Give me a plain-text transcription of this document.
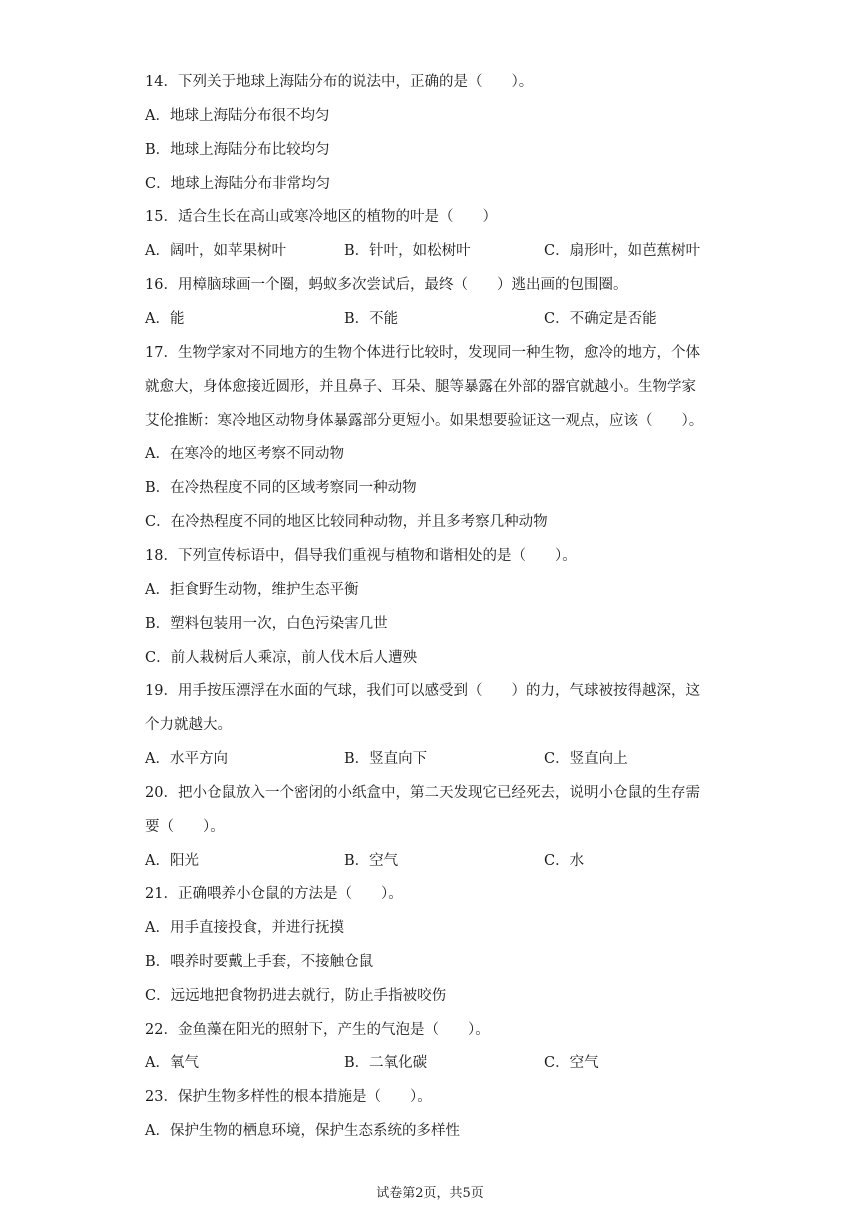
14．下列关于地球上海陆分布的说法中，正确的是（　　）。
A．地球上海陆分布很不均匀
B．地球上海陆分布比较均匀
C．地球上海陆分布非常均匀
15．适合生长在高山或寒冷地区的植物的叶是（　　）
A．阔叶，如苹果树叶	B．针叶，如松树叶	C．扇形叶，如芭蕉树叶
16．用樟脑球画一个圈，蚂蚁多次尝试后，最终（　　）逃出画的包围圈。
A．能	B．不能	C．不确定是否能
17．生物学家对不同地方的生物个体进行比较时，发现同一种生物，愈冷的地方，个体
就愈大，身体愈接近圆形，并且鼻子、耳朵、腿等暴露在外部的器官就越小。生物学家
艾伦推断：寒冷地区动物身体暴露部分更短小。如果想要验证这一观点，应该（　　）。
A．在寒冷的地区考察不同动物
B．在冷热程度不同的区域考察同一种动物
C．在冷热程度不同的地区比较同种动物，并且多考察几种动物
18．下列宣传标语中，倡导我们重视与植物和谐相处的是（　　）。
A．拒食野生动物，维护生态平衡
B．塑料包装用一次，白色污染害几世
C．前人栽树后人乘凉，前人伐木后人遭殃
19．用手按压漂浮在水面的气球，我们可以感受到（　　）的力，气球被按得越深，这
个力就越大。
A．水平方向	B．竖直向下	C．竖直向上
20．把小仓鼠放入一个密闭的小纸盒中，第二天发现它已经死去，说明小仓鼠的生存需
要（　　）。
A．阳光	B．空气	C．水
21．正确喂养小仓鼠的方法是（　　）。
A．用手直接投食，并进行抚摸
B．喂养时要戴上手套，不接触仓鼠
C．远远地把食物扔进去就行，防止手指被咬伤
22．金鱼藻在阳光的照射下，产生的气泡是（　　）。
A．氧气	B．二氧化碳	C．空气
23．保护生物多样性的根本措施是（　　）。
A．保护生物的栖息环境，保护生态系统的多样性
试卷第2页，共5页
